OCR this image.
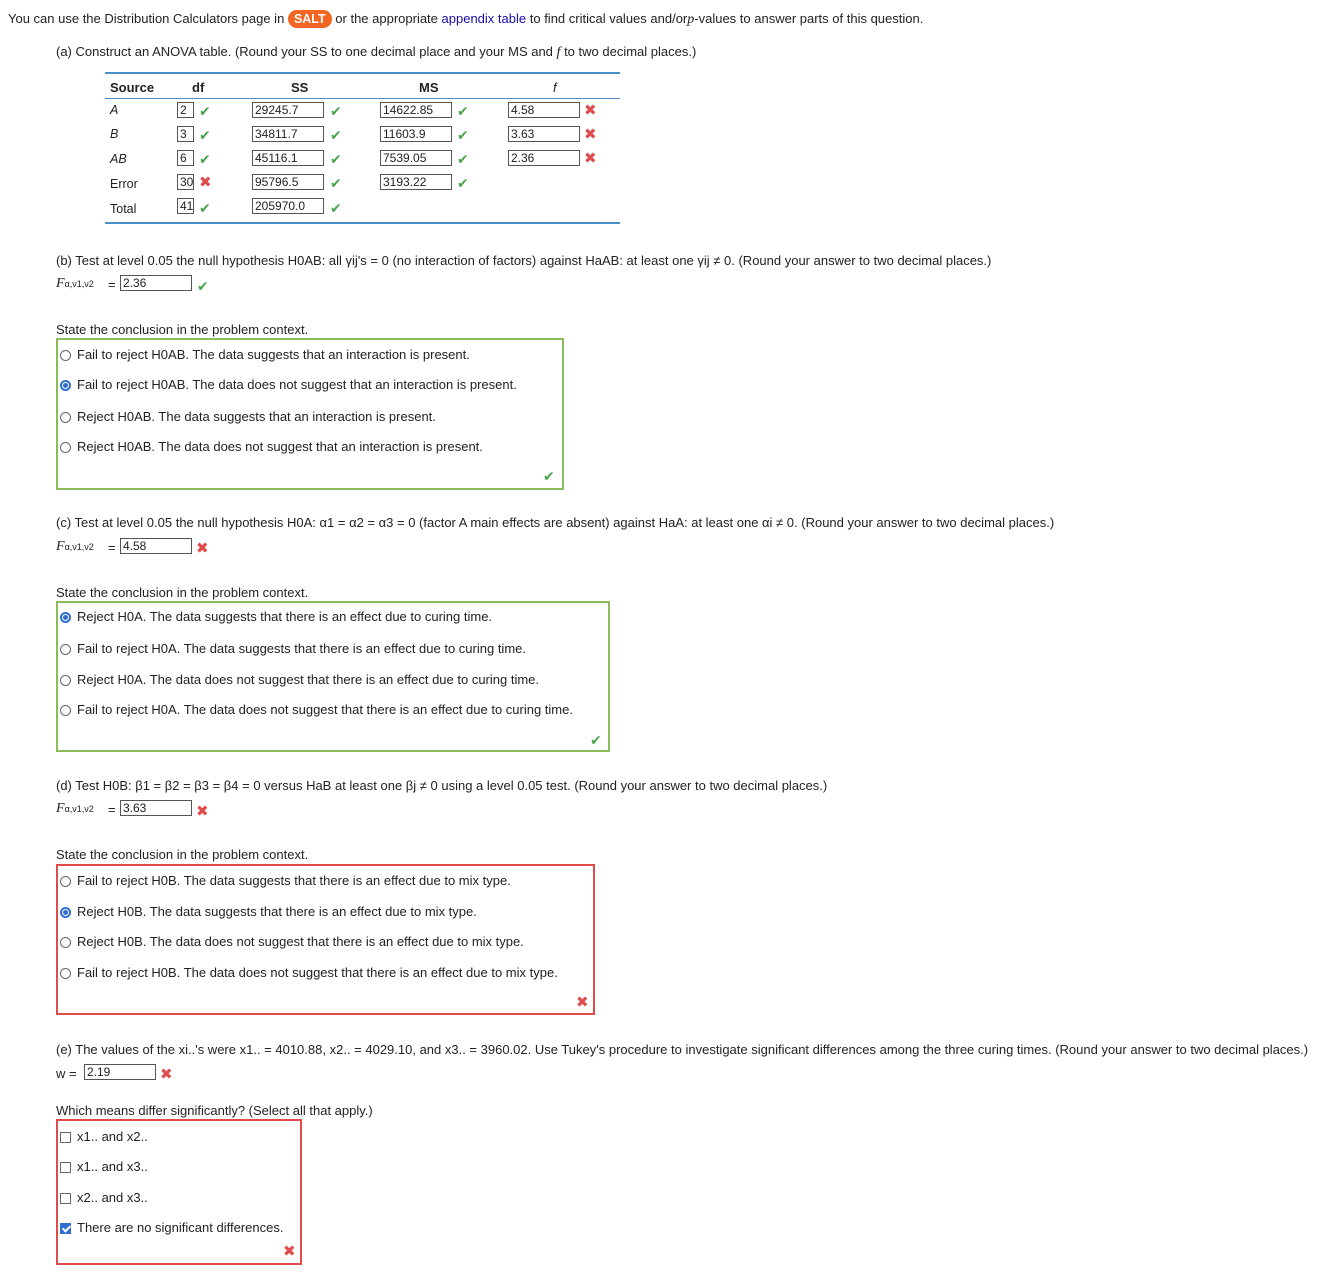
You can use the Distribution Calculators page in SALT or the appropriate appendix table to find critical values and/orp-values to answer parts of this question.
(a) Construct an ANOVA table. (Round your SS to one decimal place and your MS and f to two decimal places.)
Source	df	SS	MS	f
A	2 ✔	29245.7	✔	14622.85	✔	4.58	✖
B	3 ✔	34811.7	✔	11603.9	✔	3.63	✖
AB	6 ✔	45116.1	✔	7539.05	✔	2.36	✖
Error	30 ✖	95796.5	✔	3193.22	✔
Total	41 ✔	205970.0	✔
(b) Test at level 0.05 the null hypothesis H0AB: all γij's = 0 (no interaction of factors) against HaAB: at least one γij ≠ 0. (Round your answer to two decimal places.)
Fα,ν1,ν2 = 2.36	✔
State the conclusion in the problem context.
Fail to reject H0AB. The data suggests that an interaction is present.
Fail to reject H0AB. The data does not suggest that an interaction is present.
Reject H0AB. The data suggests that an interaction is present.
Reject H0AB. The data does not suggest that an interaction is present.
✔
(c) Test at level 0.05 the null hypothesis H0A: α1 = α2 = α3 = 0 (factor A main effects are absent) against HaA: at least one αi ≠ 0. (Round your answer to two decimal places.)
Fα,ν1,ν2 = 4.58	✖
State the conclusion in the problem context.
Reject H0A. The data suggests that there is an effect due to curing time.
Fail to reject H0A. The data suggests that there is an effect due to curing time.
Reject H0A. The data does not suggest that there is an effect due to curing time.
Fail to reject H0A. The data does not suggest that there is an effect due to curing time.
✔
(d) Test H0B: β1 = β2 = β3 = β4 = 0 versus HaB at least one βj ≠ 0 using a level 0.05 test. (Round your answer to two decimal places.)
Fα,ν1,ν2 = 3.63	✖
State the conclusion in the problem context.
Fail to reject H0B. The data suggests that there is an effect due to mix type.
Reject H0B. The data suggests that there is an effect due to mix type.
Reject H0B. The data does not suggest that there is an effect due to mix type.
Fail to reject H0B. The data does not suggest that there is an effect due to mix type.
✖
(e) The values of the xi..'s were x1.. = 4010.88, x2.. = 4029.10, and x3.. = 3960.02. Use Tukey's procedure to investigate significant differences among the three curing times. (Round your answer to two decimal places.)
w = 2.19	✖
Which means differ significantly? (Select all that apply.)
x1.. and x2..
x1.. and x3..
x2.. and x3..
There are no significant differences.
✖
